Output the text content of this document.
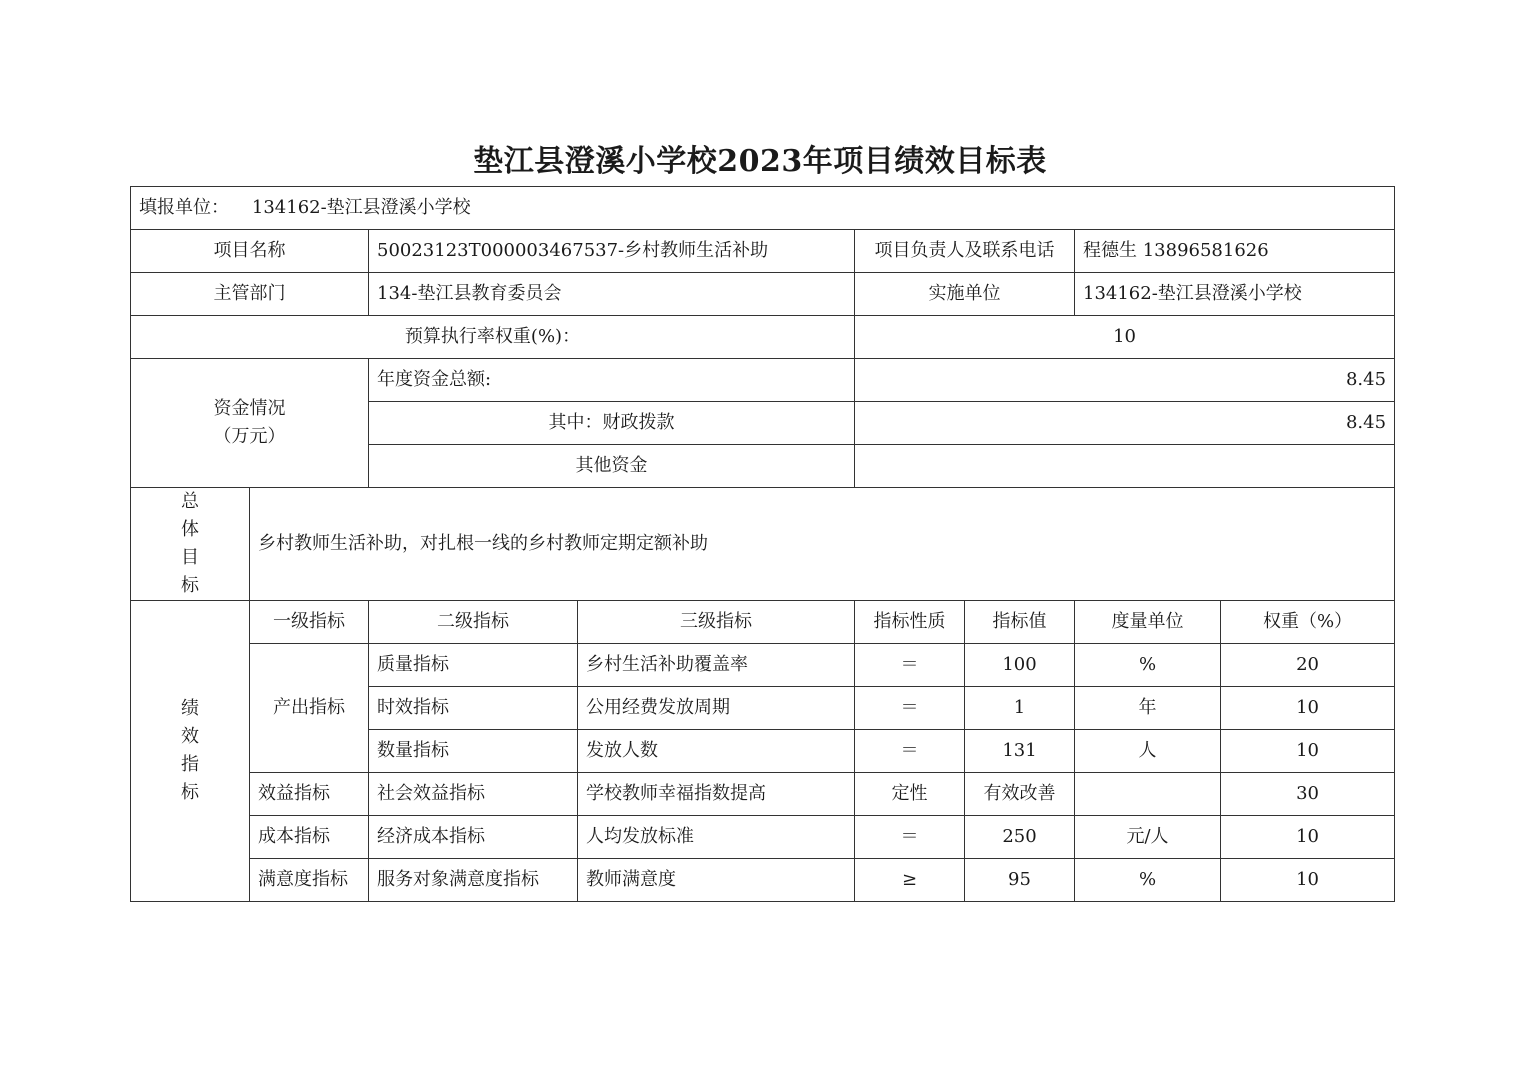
垫江县澄溪小学校2023年项目绩效目标表
填报单位： 134162-垫江县澄溪小学校							
项目名称		50023123T000003467537-乡村教师生活补助		项目负责人及联系电话		程德生 13896581626	
主管部门		134-垫江县教育委员会		实施单位		134162-垫江县澄溪小学校	
预算执行率权重(%)：				10			

资金情况
（万元）		年度资金总额:		8.45			
		其中：财政拨款		8.45			
		其他资金					

总
体
目
标	乡村教师生活补助，对扎根一线的乡村教师定期定额补助						

绩
效
指
标	一级指标	二级指标	三级指标	指标性质	指标值	度量单位	权重（%）
	产出指标	质量指标	乡村生活补助覆盖率	＝	100	%	20
		时效指标	公用经费发放周期	＝	1	年	10
		数量指标	发放人数	＝	131	人	10
	效益指标	社会效益指标	学校教师幸福指数提高	定性	有效改善		30
	成本指标	经济成本指标	人均发放标准	＝	250	元/人	10
	满意度指标	服务对象满意度指标	教师满意度	≥	95	%	10
